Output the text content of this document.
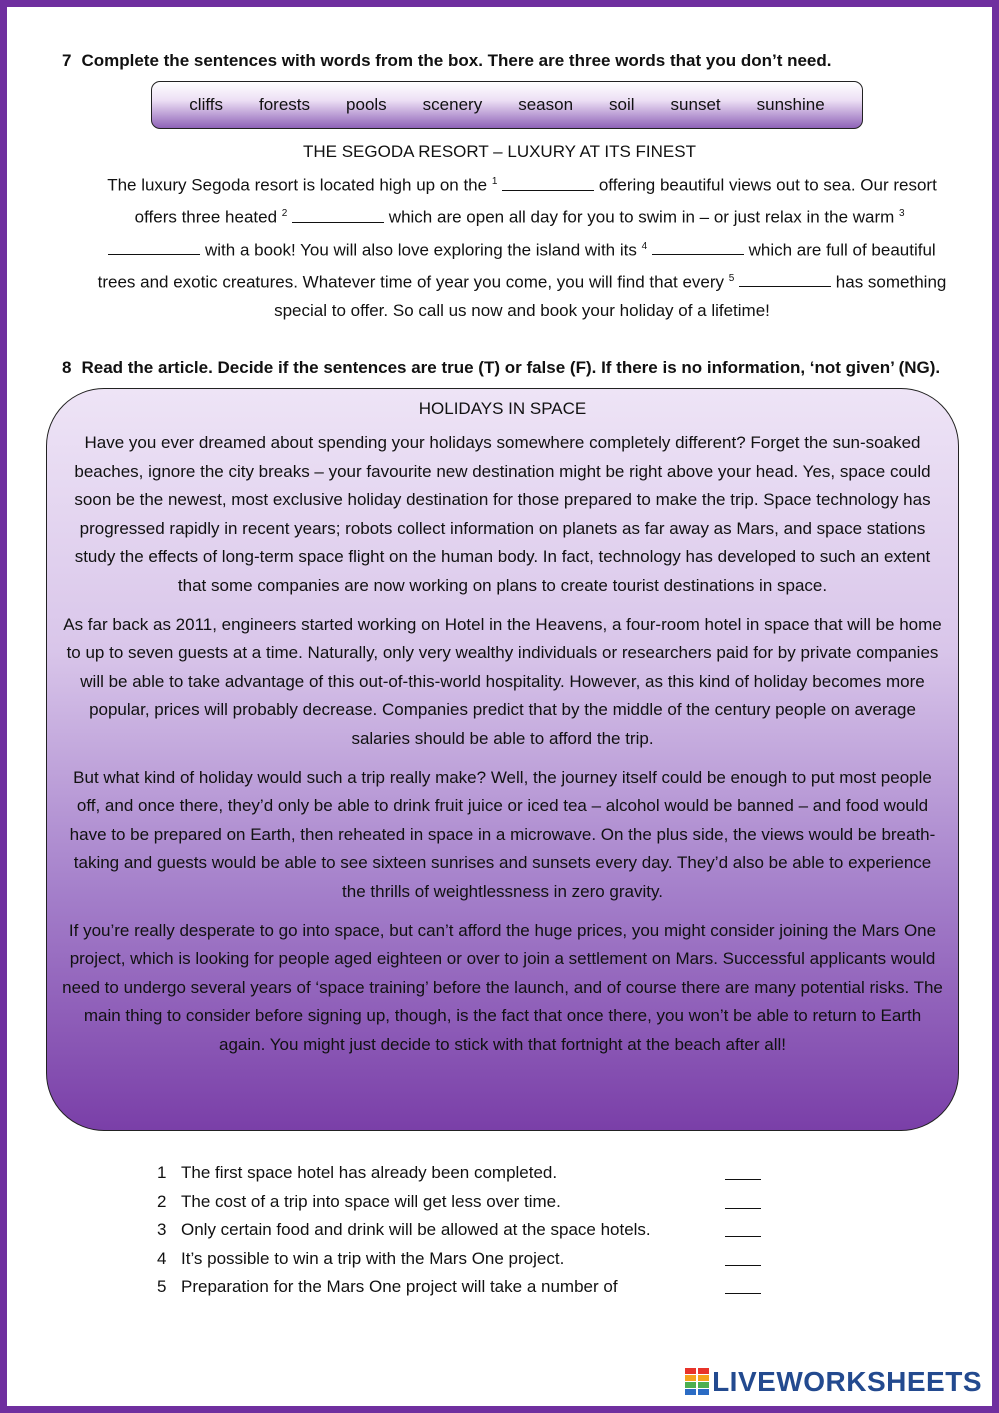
7 Complete the sentences with words from the box. There are three words that you don’t need.

cliffs forests pools scenery season soil sunset sunshine
THE SEGODA RESORT – LUXURY AT ITS FINEST

The luxury Segoda resort is located high up on the $^1$	offering beautiful views out to sea. Our resort offers three heated $^2$	which are open all day for you to swim in – or just relax in the warm $^3$  with a book! You will also love exploring the island with its $^4$	which are full of beautiful trees and exotic creatures. Whatever time of year you come, you will find that every $^5$	has something special to offer. So call us now and book your holiday of a lifetime!

8 Read the article. Decide if the sentences are true (T) or false (F). If there is no information, ‘not given’ (NG).

HOLIDAYS IN SPACE

Have you ever dreamed about spending your holidays somewhere completely different? Forget the sun-soaked beaches, ignore the city breaks – your favourite new destination might be right above your head. Yes, space could soon be the newest, most exclusive holiday destination for those prepared to make the trip. Space technology has progressed rapidly in recent years; robots collect information on planets as far away as Mars, and space stations study the effects of long-term space flight on the human body. In fact, technology has developed to such an extent that some companies are now working on plans to create tourist destinations in space.

As far back as 2011, engineers started working on Hotel in the Heavens, a four-room hotel in space that will be home to up to seven guests at a time. Naturally, only very wealthy individuals or researchers paid for by private companies will be able to take advantage of this out-of-this-world hospitality. However, as this kind of holiday becomes more popular, prices will probably decrease. Companies predict that by the middle of the century people on average salaries should be able to afford the trip.

But what kind of holiday would such a trip really make? Well, the journey itself could be enough to put most people off, and once there, they’d only be able to drink fruit juice or iced tea – alcohol would be banned – and food would have to be prepared on Earth, then reheated in space in a microwave. On the plus side, the views would be breath-taking and guests would be able to see sixteen sunrises and sunsets every day. They’d also be able to experience the thrills of weightlessness in zero gravity.

If you’re really desperate to go into space, but can’t afford the huge prices, you might consider joining the Mars One project, which is looking for people aged eighteen or over to join a settlement on Mars. Successful applicants would need to undergo several years of ‘space training’ before the launch, and of course there are many potential risks. The main thing to consider before signing up, though, is the fact that once there, you won’t be able to return to Earth again. You might just decide to stick with that fortnight at the beach after all!

1 The first space hotel has already been completed.
2 The cost of a trip into space will get less over time.
3 Only certain food and drink will be allowed at the space hotels.
4 It’s possible to win a trip with the Mars One project.
5 Preparation for the Mars One project will take a number of
LIVEWORKSHEETS
